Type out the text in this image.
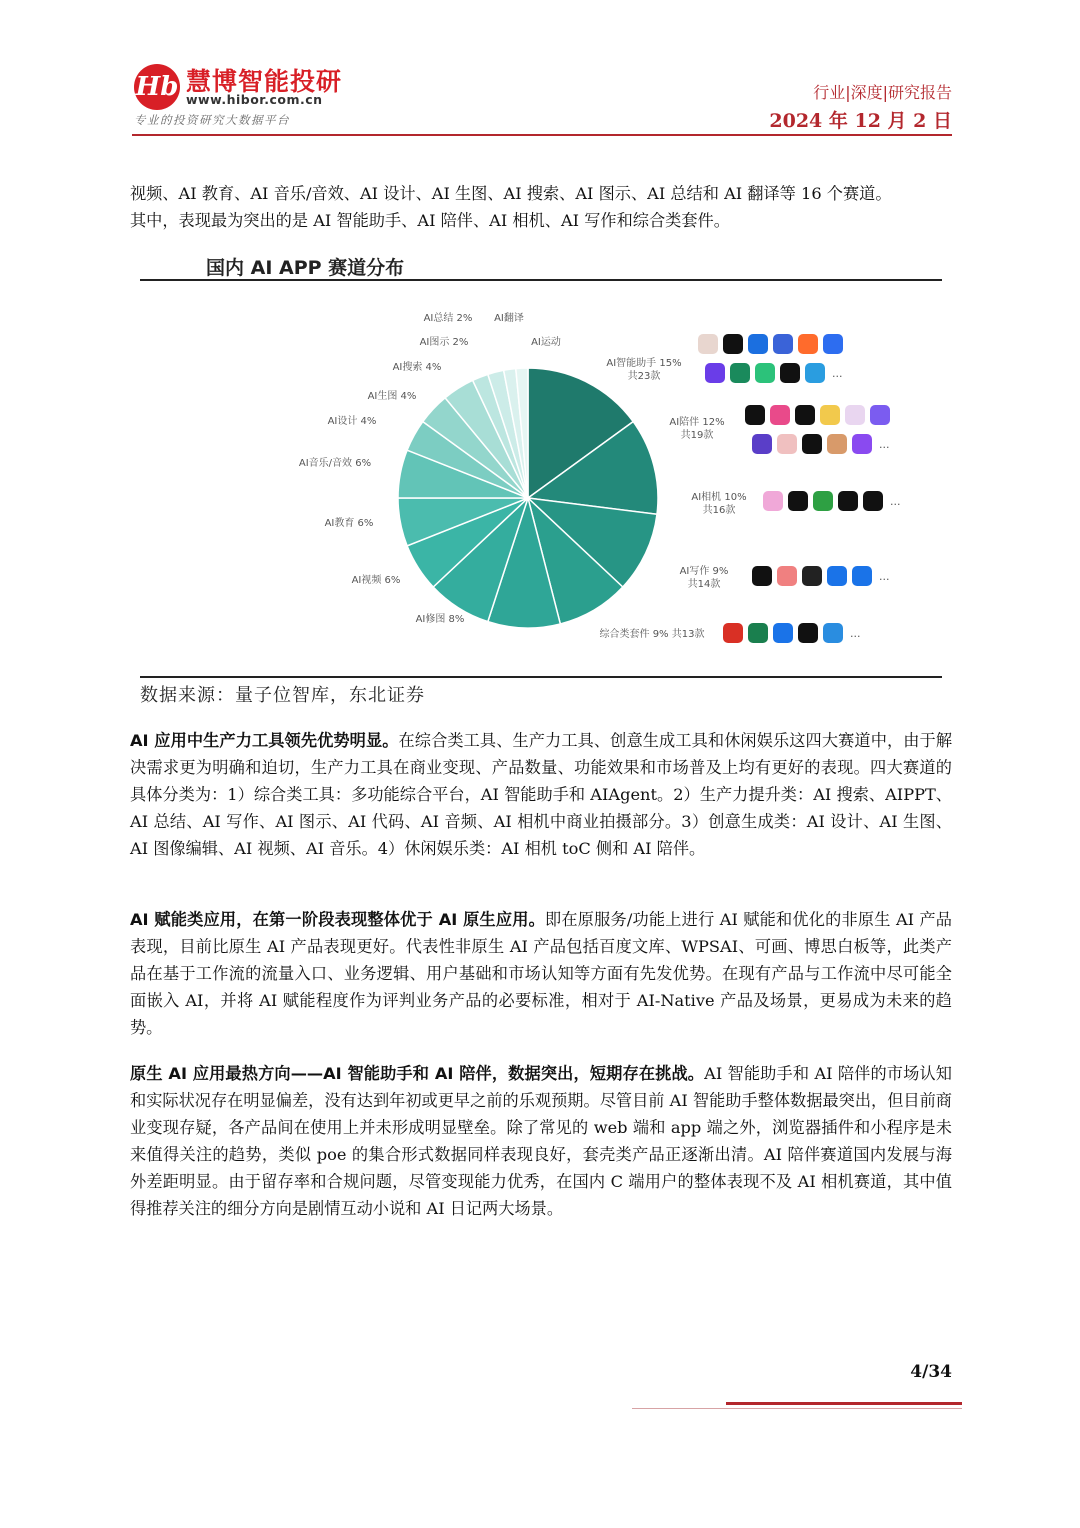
Hb 慧博智能投研
www.hibor.com.cn
专业的投资研究大数据平台
行业|深度|研究报告
2024 年 12 月 2 日
视频、AI 教育、AI 音乐/音效、AI 设计、AI 生图、AI 搜索、AI 图示、AI 总结和 AI 翻译等 16 个赛道。
其中，表现最为突出的是 AI 智能助手、AI 陪伴、AI 相机、AI 写作和综合类套件。
国内 AI APP 赛道分布
AI智能助手 15%
共23款
AI陪伴 12%
共19款
AI相机 10%
共16款
AI写作 9%
共14款
综合类套件 9% 共13款
AI修图 8%
AI视频 6%
AI教育 6%
AI音乐/音效 6%
AI设计 4%
AI生图 4%
AI搜索 4%
AI图示 2%
AI总结 2% AI翻译
AI运动
...
...
...
...
...
数据来源：量子位智库，东北证券
AI 应用中生产力工具领先优势明显。在综合类工具、生产力工具、创意生成工具和休闲娱乐这四大赛道中，由于解决需求更为明确和迫切，生产力工具在商业变现、产品数量、功能效果和市场普及上均有更好的表现。四大赛道的具体分类为：1）综合类工具：多功能综合平台，AI 智能助手和 AIAgent。2）生产力提升类：AI 搜索、AIPPT、AI 总结、AI 写作、AI 图示、AI 代码、AI 音频、AI 相机中商业拍摄部分。3）创意生成类：AI 设计、AI 生图、AI 图像编辑、AI 视频、AI 音乐。4）休闲娱乐类：AI 相机 toC 侧和 AI 陪伴。
AI 赋能类应用，在第一阶段表现整体优于 AI 原生应用。即在原服务/功能上进行 AI 赋能和优化的非原生 AI 产品表现，目前比原生 AI 产品表现更好。代表性非原生 AI 产品包括百度文库、WPSAI、可画、博思白板等，此类产品在基于工作流的流量入口、业务逻辑、用户基础和市场认知等方面有先发优势。在现有产品与工作流中尽可能全面嵌入 AI，并将 AI 赋能程度作为评判业务产品的必要标准，相对于 AI-Native 产品及场景，更易成为未来的趋势。
原生 AI 应用最热方向——AI 智能助手和 AI 陪伴，数据突出，短期存在挑战。AI 智能助手和 AI 陪伴的市场认知和实际状况存在明显偏差，没有达到年初或更早之前的乐观预期。尽管目前 AI 智能助手整体数据最突出，但目前商业变现存疑，各产品间在使用上并未形成明显壁垒。除了常见的 web 端和 app 端之外，浏览器插件和小程序是未来值得关注的趋势，类似 poe 的集合形式数据同样表现良好，套壳类产品正逐渐出清。AI 陪伴赛道国内发展与海外差距明显。由于留存率和合规问题，尽管变现能力优秀，在国内 C 端用户的整体表现不及 AI 相机赛道，其中值得推荐关注的细分方向是剧情互动小说和 AI 日记两大场景。
4/34
